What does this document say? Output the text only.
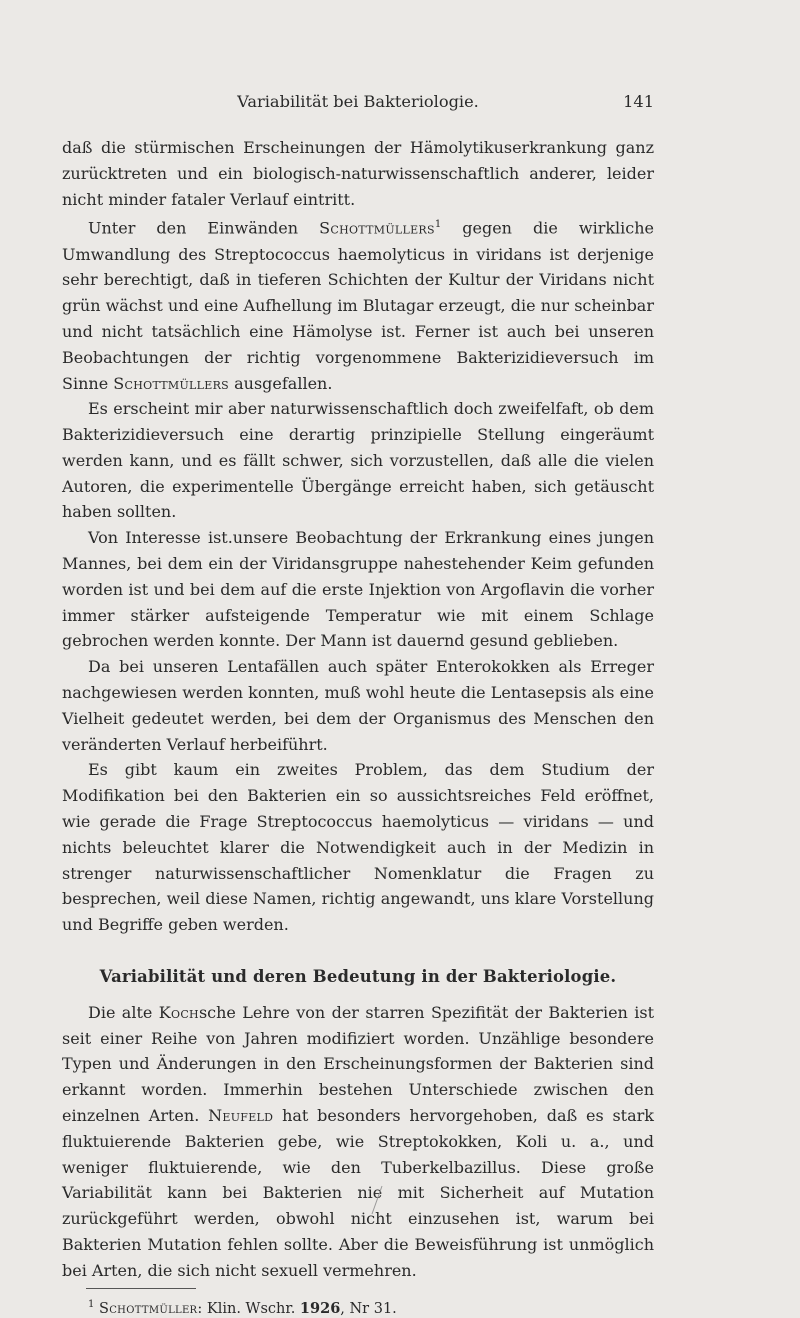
Variabilität bei Bakteriologie.	141

daß die stürmischen Erscheinungen der Hämolytikuserkrankung ganz zurücktreten und ein biologisch-naturwissenschaftlich anderer, leider nicht minder fataler Verlauf eintritt.

Unter den Einwänden Schottmüllers$^1$ gegen die wirkliche Umwandlung des Streptococcus haemolyticus in viridans ist derjenige sehr berechtigt, daß in tieferen Schichten der Kultur der Viridans nicht grün wächst und eine Aufhellung im Blutagar erzeugt, die nur scheinbar und nicht tatsächlich eine Hämolyse ist. Ferner ist auch bei unseren Beobachtungen der richtig vorgenommene Bakterizidieversuch im Sinne Schottmüllers ausgefallen.

Es erscheint mir aber naturwissenschaftlich doch zweifelfaft, ob dem Bakterizidieversuch eine derartig prinzipielle Stellung eingeräumt werden kann, und es fällt schwer, sich vorzustellen, daß alle die vielen Autoren, die experimentelle Übergänge erreicht haben, sich getäuscht haben sollten.

Von Interesse ist.unsere Beobachtung der Erkrankung eines jungen Mannes, bei dem ein der Viridansgruppe nahestehender Keim gefunden worden ist und bei dem auf die erste Injektion von Argoflavin die vorher immer stärker aufsteigende Temperatur wie mit einem Schlage gebrochen werden konnte. Der Mann ist dauernd gesund geblieben.

Da bei unseren Lentafällen auch später Enterokokken als Erreger nachgewiesen werden konnten, muß wohl heute die Lentasepsis als eine Vielheit gedeutet werden, bei dem der Organismus des Menschen den veränderten Verlauf herbeiführt.

Es gibt kaum ein zweites Problem, das dem Studium der Modifikation bei den Bakterien ein so aussichtsreiches Feld eröffnet, wie gerade die Frage Streptococcus haemolyticus — viridans — und nichts beleuchtet klarer die Notwendigkeit auch in der Medizin in strenger naturwissenschaftlicher Nomenklatur die Fragen zu besprechen, weil diese Namen, richtig angewandt, uns klare Vorstellung und Begriffe geben werden.

Variabilität und deren Bedeutung in der Bakteriologie.

Die alte Kochsche Lehre von der starren Spezifität der Bakterien ist seit einer Reihe von Jahren modifiziert worden. Unzählige besondere Typen und Änderungen in den Erscheinungsformen der Bakterien sind erkannt worden. Immerhin bestehen Unterschiede zwischen den einzelnen Arten. Neufeld hat besonders hervorgehoben, daß es stark fluktuierende Bakterien gebe, wie Streptokokken, Koli u. a., und weniger fluktuierende, wie den Tuberkelbazillus. Diese große Variabilität kann bei Bakterien nie mit Sicherheit auf Mutation zurückgeführt werden, obwohl nicht einzusehen ist, warum bei Bakterien Mutation fehlen sollte. Aber die Beweisführung ist unmöglich bei Arten, die sich nicht sexuell vermehren.

$^1$ Schottmüller: Klin. Wschr. 1926, Nr 31.
